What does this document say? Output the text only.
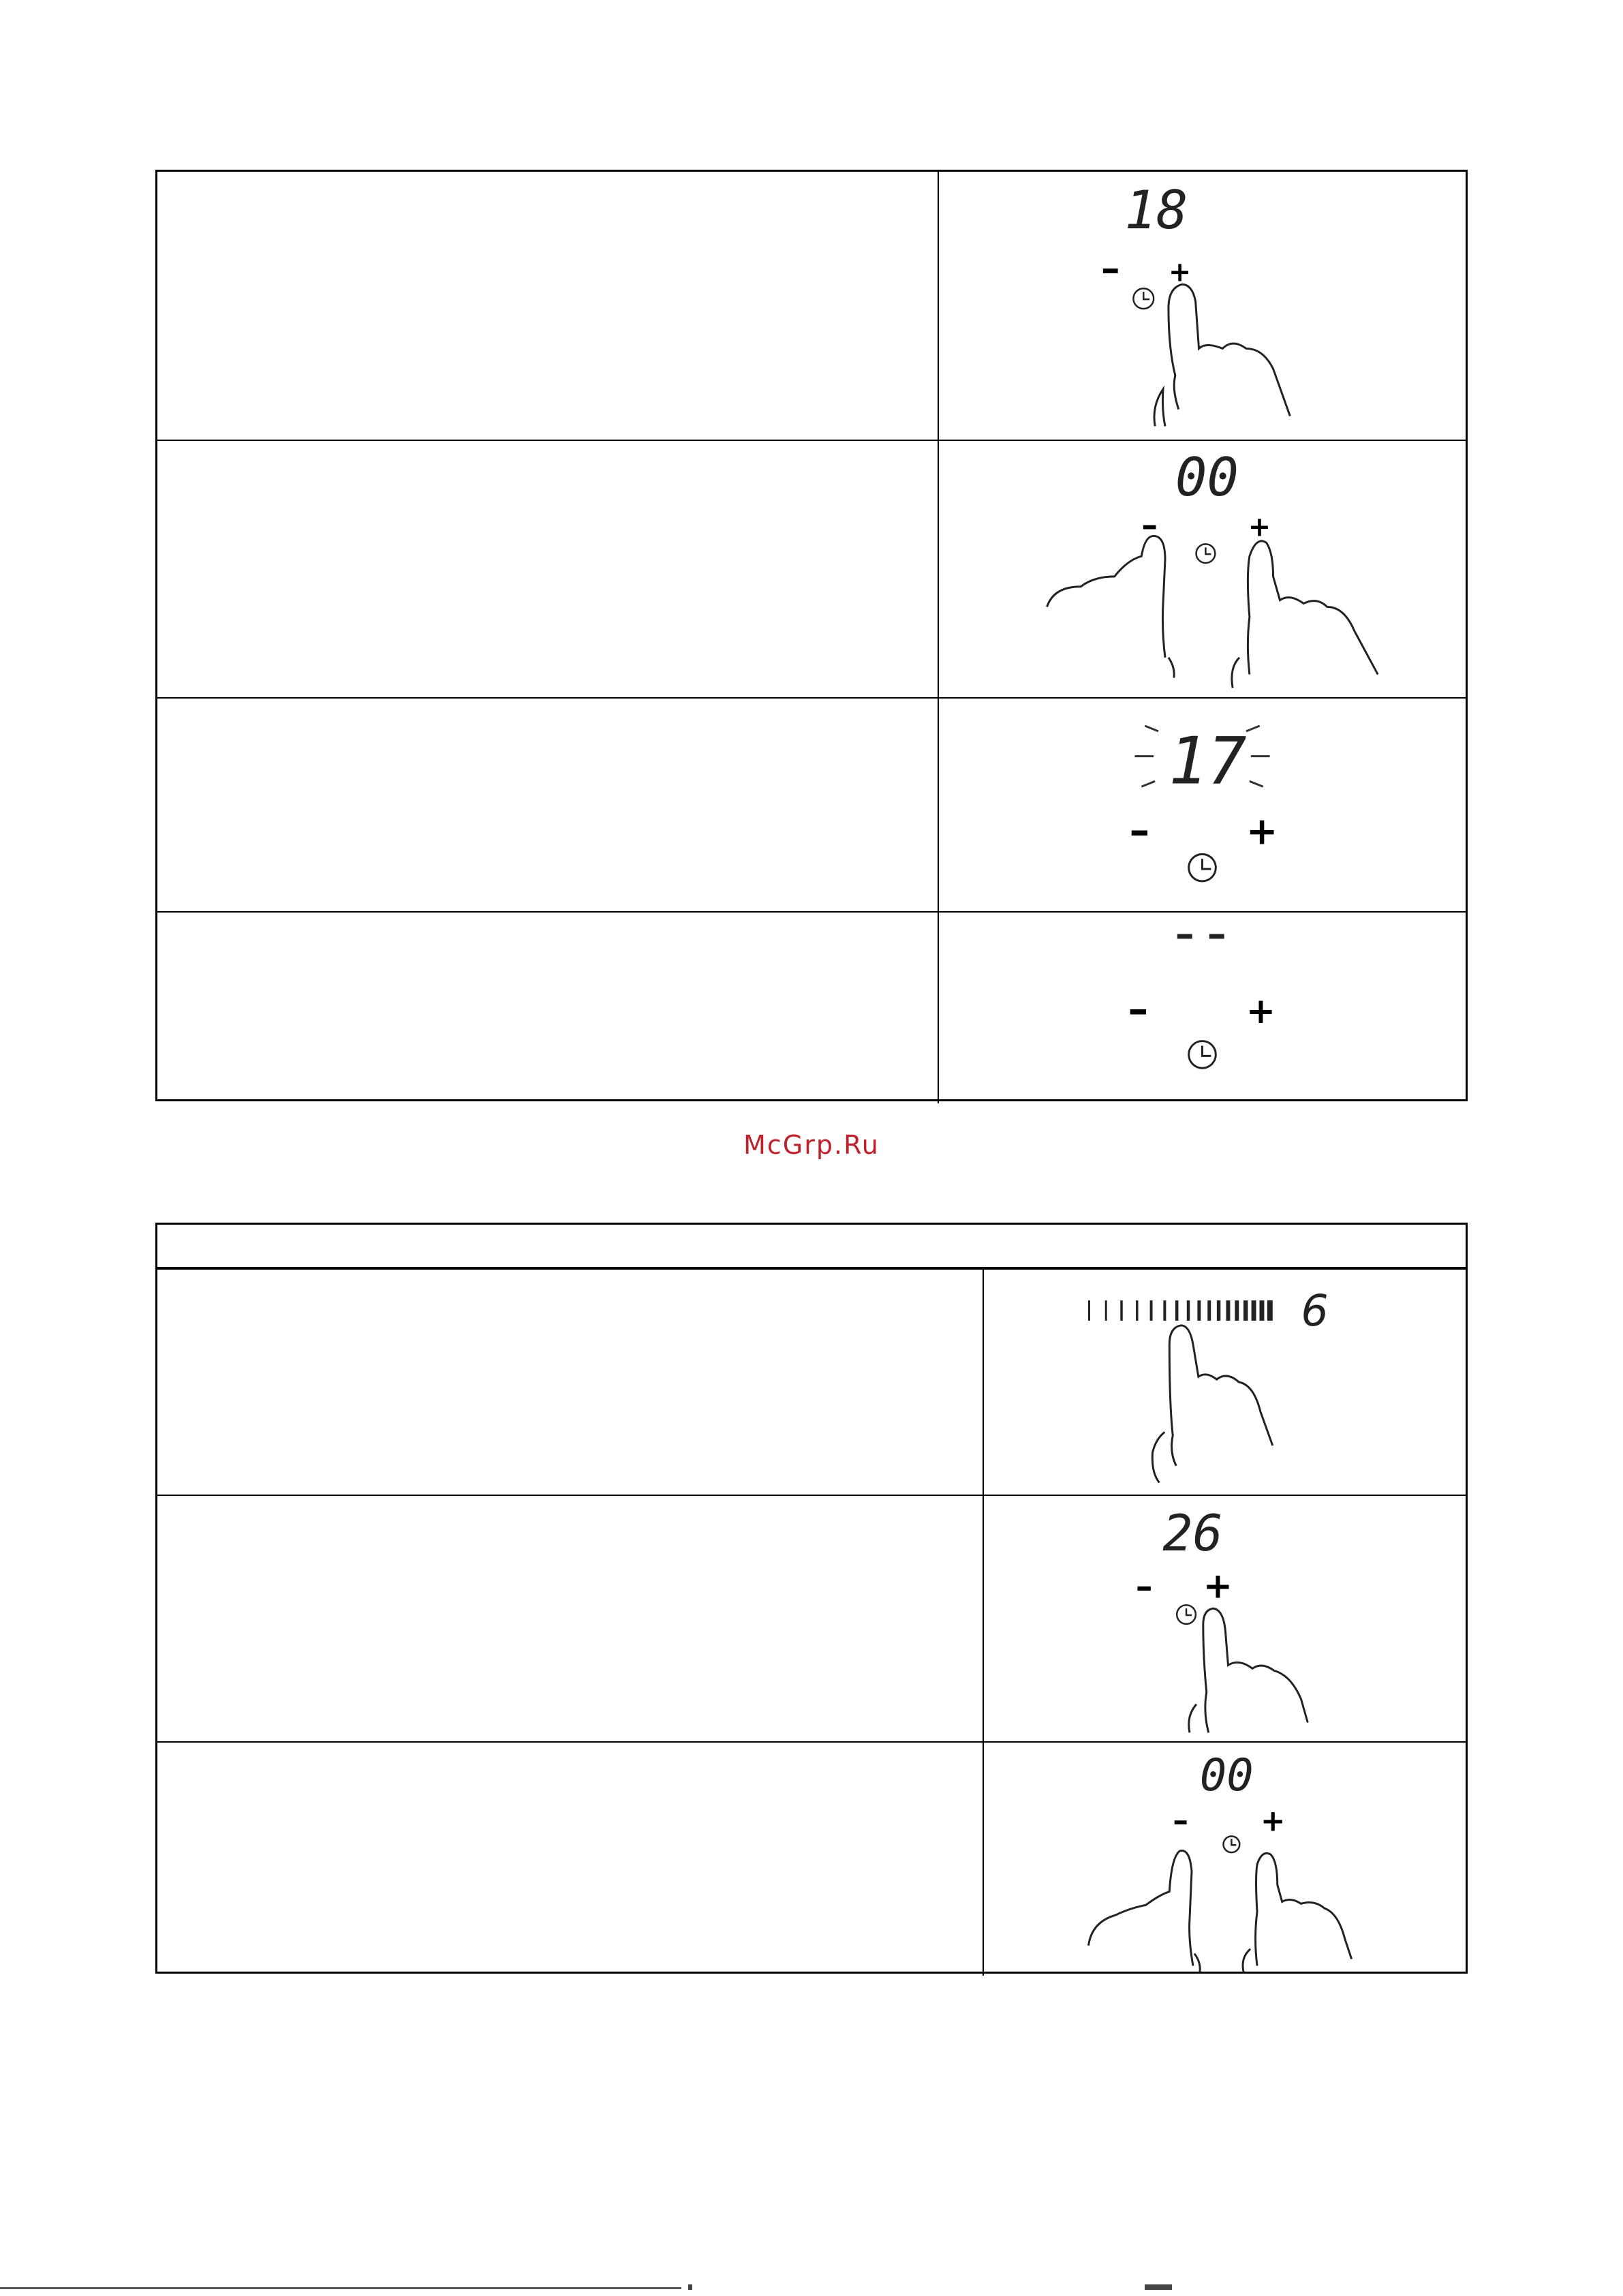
18
– +
00
–	+
17
–	+
– –
–	+
McGrp.Ru
6
26
– +
00
– +
